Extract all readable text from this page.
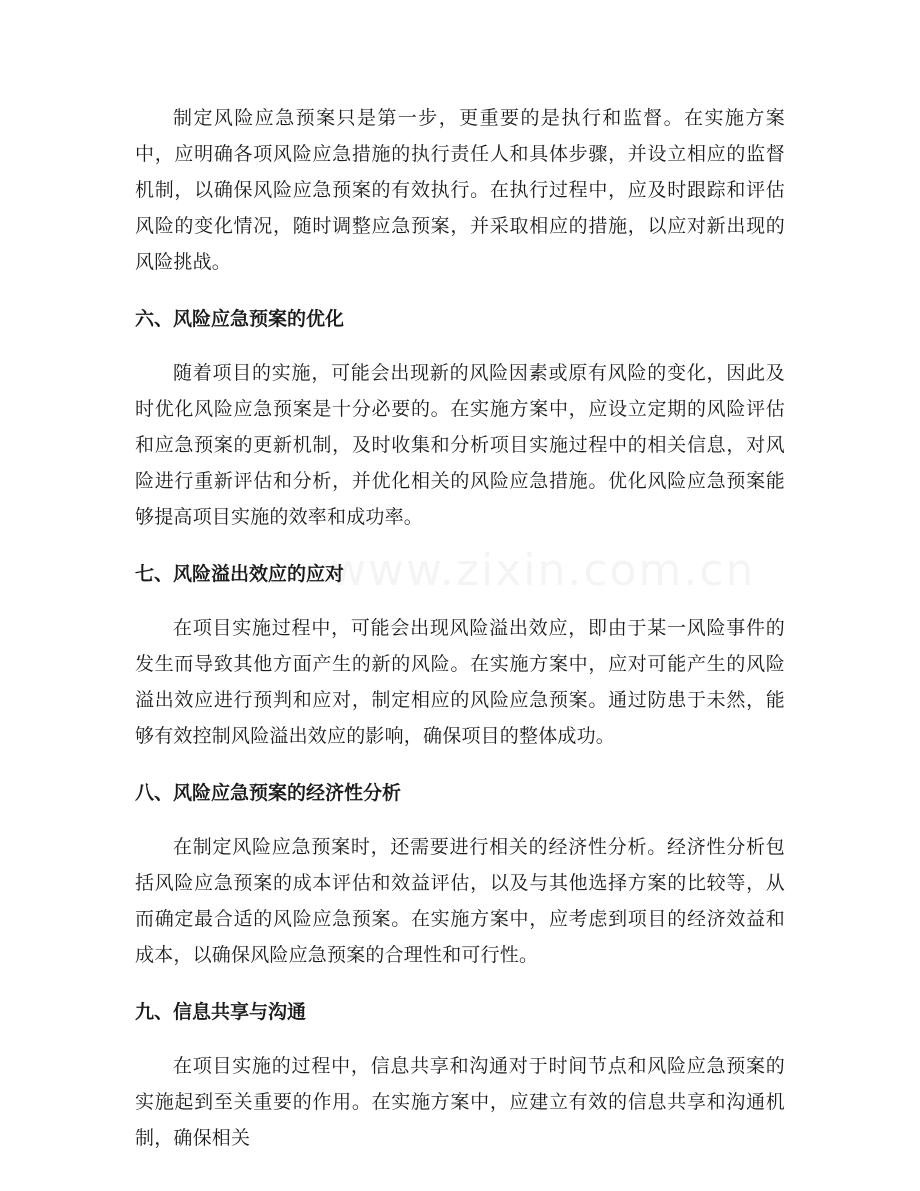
制定风险应急预案只是第一步，更重要的是执行和监督。在实施方案中，应明确各项风险应急措施的执行责任人和具体步骤，并设立相应的监督机制，以确保风险应急预案的有效执行。在执行过程中，应及时跟踪和评估风险的变化情况，随时调整应急预案，并采取相应的措施，以应对新出现的风险挑战。

六、风险应急预案的优化

随着项目的实施，可能会出现新的风险因素或原有风险的变化，因此及时优化风险应急预案是十分必要的。在实施方案中，应设立定期的风险评估和应急预案的更新机制，及时收集和分析项目实施过程中的相关信息，对风险进行重新评估和分析，并优化相关的风险应急措施。优化风险应急预案能够提高项目实施的效率和成功率。

七、风险溢出效应的应对

在项目实施过程中，可能会出现风险溢出效应，即由于某一风险事件的发生而导致其他方面产生的新的风险。在实施方案中，应对可能产生的风险溢出效应进行预判和应对，制定相应的风险应急预案。通过防患于未然，能够有效控制风险溢出效应的影响，确保项目的整体成功。

八、风险应急预案的经济性分析

在制定风险应急预案时，还需要进行相关的经济性分析。经济性分析包括风险应急预案的成本评估和效益评估，以及与其他选择方案的比较等，从而确定最合适的风险应急预案。在实施方案中，应考虑到项目的经济效益和成本，以确保风险应急预案的合理性和可行性。

九、信息共享与沟通

在项目实施的过程中，信息共享和沟通对于时间节点和风险应急预案的实施起到至关重要的作用。在实施方案中，应建立有效的信息共享和沟通机制，确保相关
